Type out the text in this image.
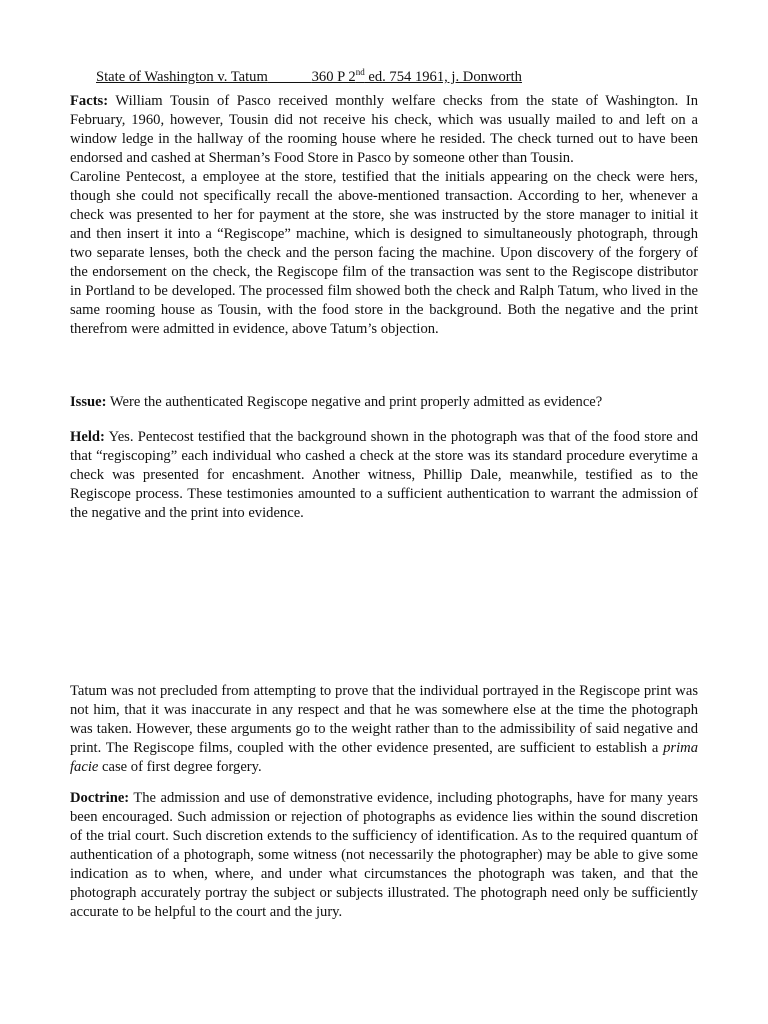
State of Washington v. Tatum	360 P 2nd ed. 754 1961, j. Donworth

Facts: William Tousin of Pasco received monthly welfare checks from the state of Washington. In February, 1960, however, Tousin did not receive his check, which was usually mailed to and left on a window ledge in the hallway of the rooming house where he resided. The check turned out to have been endorsed and cashed at Sherman’s Food Store in Pasco by someone other than Tousin.

Caroline Pentecost, a employee at the store, testified that the initials appearing on the check were hers, though she could not specifically recall the above-mentioned transaction. According to her, whenever a check was presented to her for payment at the store, she was instructed by the store manager to initial it and then insert it into a “Regiscope” machine, which is designed to simultaneously photograph, through two separate lenses, both the check and the person facing the machine. Upon discovery of the forgery of the endorsement on the check, the Regiscope film of the transaction was sent to the Regiscope distributor in Portland to be developed. The processed film showed both the check and Ralph Tatum, who lived in the same rooming house as Tousin, with the food store in the background. Both the negative and the print therefrom were admitted in evidence, above Tatum’s objection.

Issue: Were the authenticated Regiscope negative and print properly admitted as evidence?

Held: Yes. Pentecost testified that the background shown in the photograph was that of the food store and that “regiscoping” each individual who cashed a check at the store was its standard procedure everytime a check was presented for encashment. Another witness, Phillip Dale, meanwhile, testified as to the Regiscope process. These testimonies amounted to a sufficient authentication to warrant the admission of the negative and the print into evidence.

Tatum was not precluded from attempting to prove that the individual portrayed in the Regiscope print was not him, that it was inaccurate in any respect and that he was somewhere else at the time the photograph was taken. However, these arguments go to the weight rather than to the admissibility of said negative and print. The Regiscope films, coupled with the other evidence presented, are sufficient to establish a prima facie case of first degree forgery.

Doctrine: The admission and use of demonstrative evidence, including photographs, have for many years been encouraged. Such admission or rejection of photographs as evidence lies within the sound discretion of the trial court. Such discretion extends to the sufficiency of identification. As to the required quantum of authentication of a photograph, some witness (not necessarily the photographer) may be able to give some indication as to when, where, and under what circumstances the photograph was taken, and that the photograph accurately portray the subject or subjects illustrated. The photograph need only be sufficiently accurate to be helpful to the court and the jury.
